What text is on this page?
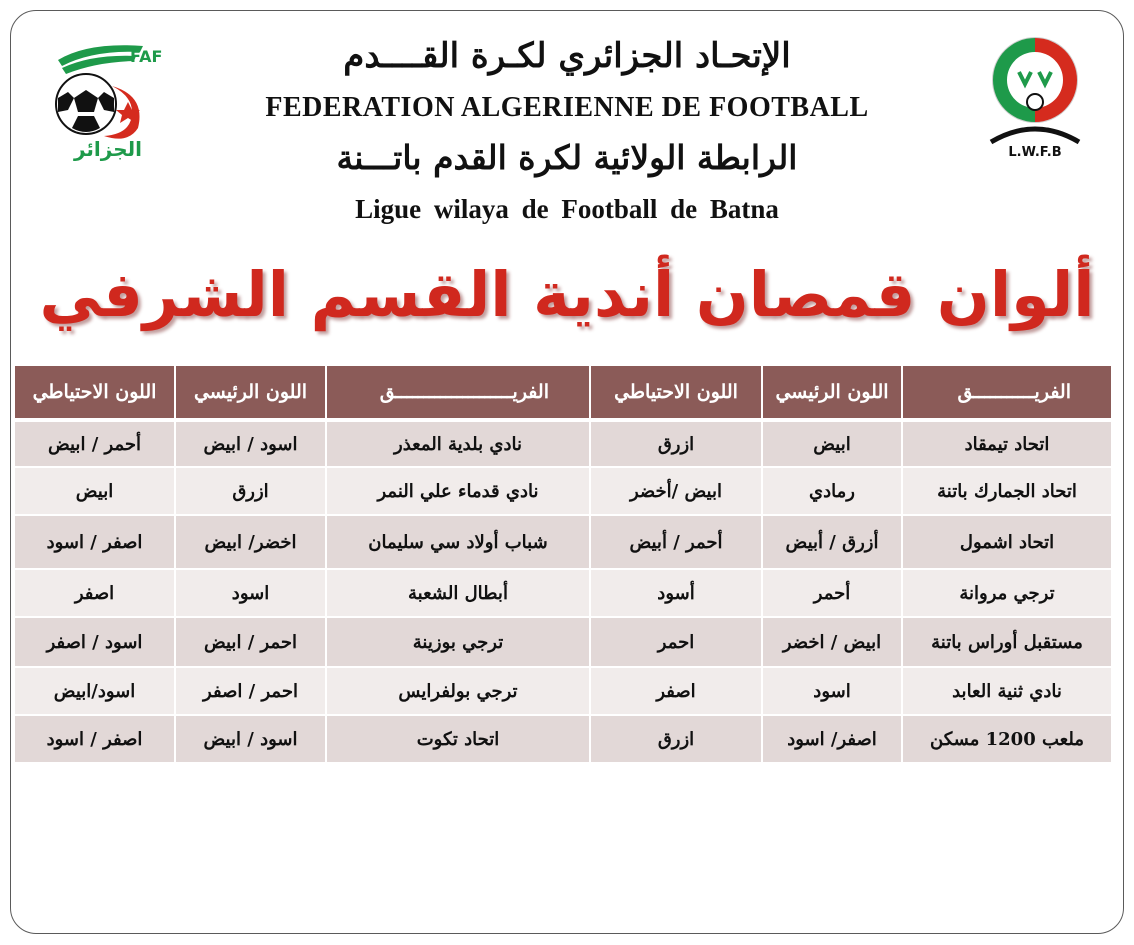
FAF
الجزائر	L.W.F.B
الإتحـاد الجزائري لكـرة القــــدم
FEDERATION ALGERIENNE DE FOOTBALL
الرابطة الولائية لكرة القدم باتـــنة
Ligue wilaya de Football de Batna
ألوان قمصان أندية القسم الشرفي
الفريـــــــــــق	اللون الرئيسي	اللون الاحتياطي	الفريـــــــــــــــــــــق	اللون الرئيسي	اللون الاحتياطي
اتحاد تيمقاد	ابيض	ازرق	نادي بلدية المعذر	اسود / ابيض	أحمر / ابيض
اتحاد الجمارك باتنة	رمادي	ابيض /أخضر	نادي قدماء علي النمر	ازرق	ابيض
اتحاد اشمول	أزرق / أبيض	أحمر / أبيض	شباب أولاد سي سليمان	اخضر/ ابيض	اصفر / اسود
ترجي مروانة	أحمر	أسود	أبطال الشعبة	اسود	اصفر
مستقبل أوراس باتنة	ابيض / اخضر	احمر	ترجي بوزينة	احمر / ابيض	اسود / اصفر
نادي ثنية العابد	اسود	اصفر	ترجي بولفرايس	احمر / اصفر	اسود/ابيض
ملعب 1200 مسكن	اصفر/ اسود	ازرق	اتحاد تكوت	اسود / ابيض	اصفر / اسود
